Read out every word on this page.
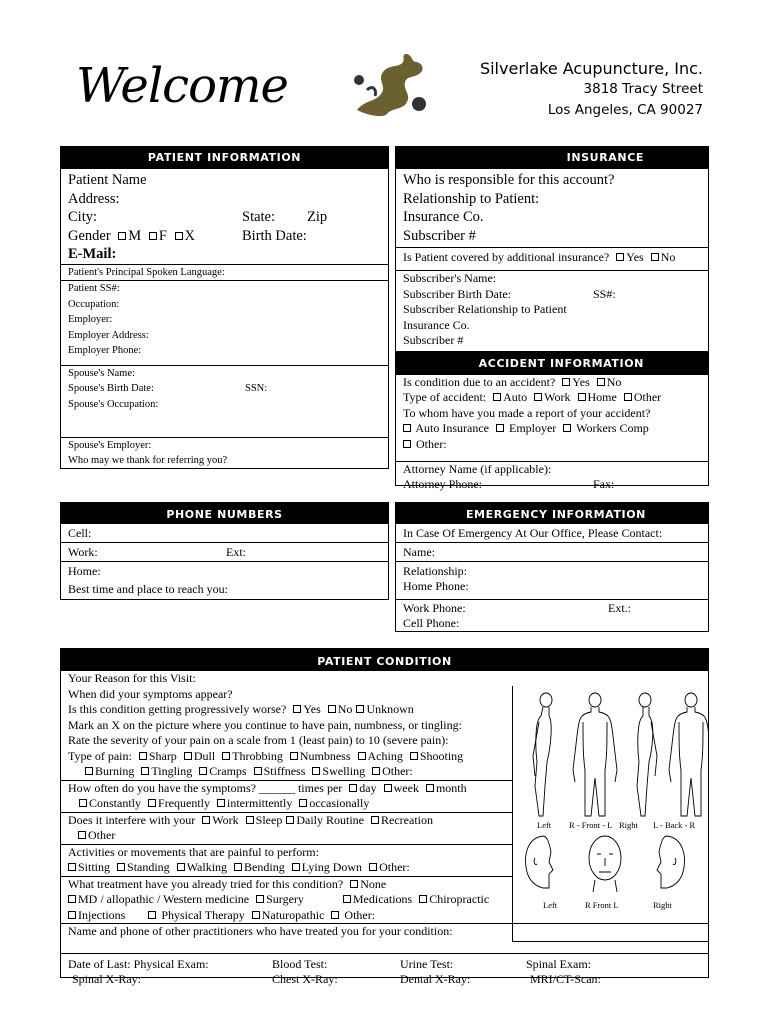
Welcome	Silverlake Acupuncture, Inc.
3818 Tracy Street
Los Angeles, CA 90027
PATIENT INFORMATION
Patient Name
Address:
City:	State: Zip
Gender M F X	Birth Date:
E-Mail:
Patient's Principal Spoken Language:
Patient SS#:
Occupation:
Employer:
Employer Address:
Employer Phone:
Spouse's Name:
Spouse's Birth Date:	SSN:
Spouse's Occupation:
Spouse's Employer:
Who may we thank for referring you?
INSURANCE
Who is responsible for this account?
Relationship to Patient:
Insurance Co.
Subscriber #
Is Patient covered by additional insurance? Yes No
Subscriber's Name:
Subscriber Birth Date:	SS#:
Subscriber Relationship to Patient
Insurance Co.
Subscriber #
ACCIDENT INFORMATION
Is condition due to an accident? Yes No
Type of accident: Auto Work Home Other
To whom have you made a report of your accident?
Auto Insurance Employer Workers Comp
Other:
Attorney Name (if applicable):
Attorney Phone:	Fax:
PHONE NUMBERS
Cell:
Work:	Ext:
Home:
Best time and place to reach you:
EMERGENCY INFORMATION
In Case Of Emergency At Our Office, Please Contact:
Name:
Relationship:
Home Phone:
Work Phone:	Ext.:
Cell Phone:
PATIENT CONDITION
Your Reason for this Visit:
When did your symptoms appear?
Is this condition getting progressively worse? Yes No Unknown
Mark an X on the picture where you continue to have pain, numbness, or tingling:
Rate the severity of your pain on a scale from 1 (least pain) to 10 (severe pain):
Type of pain: Sharp Dull Throbbing Numbness Aching Shooting
Burning Tingling Cramps Stiffness Swelling Other:
How often do you have the symptoms? ______ times per day week month
Constantly Frequently intermittently occasionally
Does it interfere with your Work Sleep Daily Routine Recreation
Other
Activities or movements that are painful to perform:
Sitting Standing Walking Bending Lying Down Other:
What treatment have you already tried for this condition? None
MD / allopathic / Western medicine Surgery	Medications Chiropractic
Injections	Physical Therapy Naturopathic Other:
Name and phone of other practitioners who have treated you for your condition:
Date of Last: Physical Exam:	Blood Test:	Urine Test:	Spinal Exam:
Spinal X-Ray:	Chest X-Ray:	Dental X-Ray:	MRI/CT-Scan:
Left R - Front - L Right L - Back - R
Left	R Front L	Right
